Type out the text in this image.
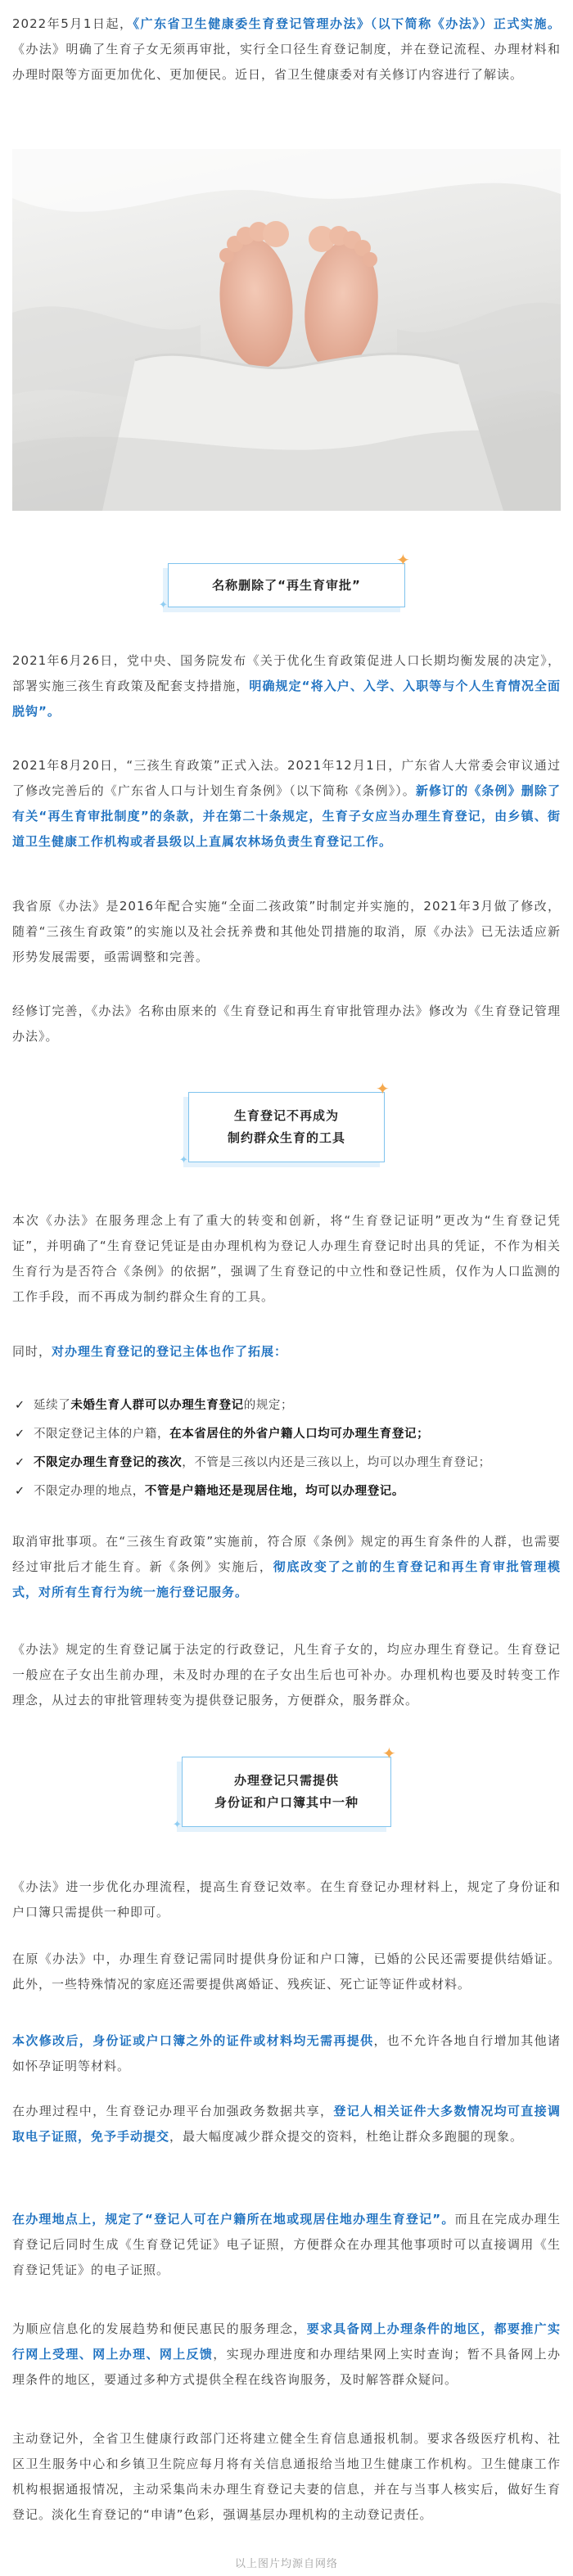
2022年5月1日起，《广东省卫生健康委生育登记管理办法》（以下简称《办法》）正式实施。《办法》明确了生育子女无须再审批，实行全口径生育登记制度，并在登记流程、办理材料和办理时限等方面更加优化、更加便民。近日，省卫生健康委对有关修订内容进行了解读。

名称删除了“再生育审批”
✦
✦

2021年6月26日，党中央、国务院发布《关于优化生育政策促进人口长期均衡发展的决定》，部署实施三孩生育政策及配套支持措施，明确规定“将入户、入学、入职等与个人生育情况全面脱钩”。

2021年8月20日，“三孩生育政策”正式入法。2021年12月1日，广东省人大常委会审议通过了修改完善后的《广东省人口与计划生育条例》（以下简称《条例》）。新修订的《条例》删除了有关“再生育审批制度”的条款，并在第二十条规定，生育子女应当办理生育登记，由乡镇、街道卫生健康工作机构或者县级以上直属农林场负责生育登记工作。

我省原《办法》是2016年配合实施“全面二孩政策”时制定并实施的，2021年3月做了修改，随着“三孩生育政策”的实施以及社会抚养费和其他处罚措施的取消，原《办法》已无法适应新形势发展需要，亟需调整和完善。

经修订完善，《办法》名称由原来的《生育登记和再生育审批管理办法》修改为《生育登记管理办法》。

生育登记不再成为
制约群众生育的工具
✦
✦

本次《办法》在服务理念上有了重大的转变和创新，将“生育登记证明”更改为“生育登记凭证”，并明确了“生育登记凭证是由办理机构为登记人办理生育登记时出具的凭证，不作为相关生育行为是否符合《条例》的依据”，强调了生育登记的中立性和登记性质，仅作为人口监测的工作手段，而不再成为制约群众生育的工具。

同时，对办理生育登记的登记主体也作了拓展：

✓
延续了未婚生育人群可以办理生育登记的规定；
✓
不限定登记主体的户籍，在本省居住的外省户籍人口均可办理生育登记；
✓
不限定办理生育登记的孩次，不管是三孩以内还是三孩以上，均可以办理生育登记；
✓
不限定办理的地点，不管是户籍地还是现居住地，均可以办理登记。

取消审批事项。在“三孩生育政策”实施前，符合原《条例》规定的再生育条件的人群，也需要经过审批后才能生育。新《条例》实施后，彻底改变了之前的生育登记和再生育审批管理模式，对所有生育行为统一施行登记服务。

《办法》规定的生育登记属于法定的行政登记，凡生育子女的，均应办理生育登记。生育登记一般应在子女出生前办理，未及时办理的在子女出生后也可补办。办理机构也要及时转变工作理念，从过去的审批管理转变为提供登记服务，方便群众，服务群众。

办理登记只需提供
身份证和户口簿其中一种
✦
✦

《办法》进一步优化办理流程，提高生育登记效率。在生育登记办理材料上，规定了身份证和户口簿只需提供一种即可。

在原《办法》中，办理生育登记需同时提供身份证和户口簿，已婚的公民还需要提供结婚证。此外，一些特殊情况的家庭还需要提供离婚证、残疾证、死亡证等证件或材料。

本次修改后，身份证或户口簿之外的证件或材料均无需再提供，也不允许各地自行增加其他诸如怀孕证明等材料。

在办理过程中，生育登记办理平台加强政务数据共享，登记人相关证件大多数情况均可直接调取电子证照，免予手动提交，最大幅度减少群众提交的资料，杜绝让群众多跑腿的现象。

在办理地点上，规定了“登记人可在户籍所在地或现居住地办理生育登记”。而且在完成办理生育登记后同时生成《生育登记凭证》电子证照，方便群众在办理其他事项时可以直接调用《生育登记凭证》的电子证照。

为顺应信息化的发展趋势和便民惠民的服务理念，要求具备网上办理条件的地区，都要推广实行网上受理、网上办理、网上反馈，实现办理进度和办理结果网上实时查询；暂不具备网上办理条件的地区，要通过多种方式提供全程在线咨询服务，及时解答群众疑问。

主动登记外，全省卫生健康行政部门还将建立健全生育信息通报机制。要求各级医疗机构、社区卫生服务中心和乡镇卫生院应每月将有关信息通报给当地卫生健康工作机构。卫生健康工作机构根据通报情况，主动采集尚未办理生育登记夫妻的信息，并在与当事人核实后，做好生育登记。淡化生育登记的“申请”色彩，强调基层办理机构的主动登记责任。

以上图片均源自网络
